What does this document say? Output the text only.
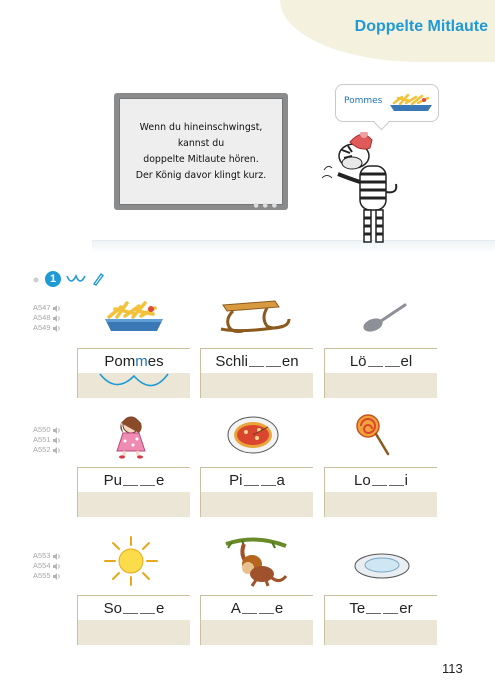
Doppelte Mitlaute
Wenn du hineinschwingst,
kannst du
doppelte Mitlaute hören.
Der König davor klingt kurz.
● ● ●
Pommes
1
A547
A548
A549
A550
A551
A552
A553
A554
A555
Pommes	Schli en	Lö el
Pu e	Pi a	Lo i
So e	A e	Te er
113
